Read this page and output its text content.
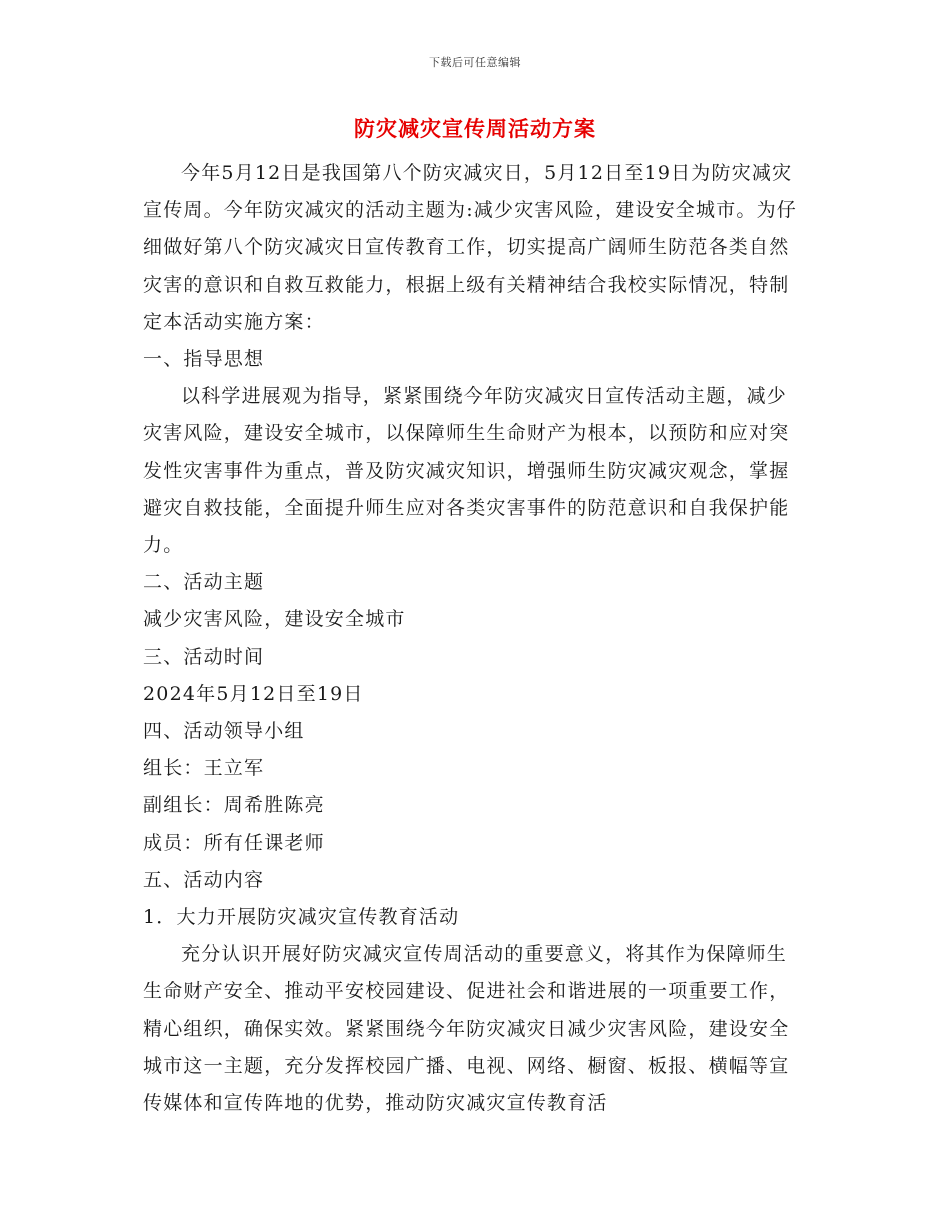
下载后可任意编辑
防灾减灾宣传周活动方案

今年5月12日是我国第八个防灾减灾日，5月12日至19日为防灾减灾宣传周。今年防灾减灾的活动主题为:减少灾害风险，建设安全城市。为仔细做好第八个防灾减灾日宣传教育工作，切实提高广阔师生防范各类自然灾害的意识和自救互救能力，根据上级有关精神结合我校实际情况，特制定本活动实施方案：

一、指导思想

以科学进展观为指导，紧紧围绕今年防灾减灾日宣传活动主题，减少灾害风险，建设安全城市，以保障师生生命财产为根本，以预防和应对突发性灾害事件为重点，普及防灾减灾知识，增强师生防灾减灾观念，掌握避灾自救技能，全面提升师生应对各类灾害事件的防范意识和自我保护能力。

二、活动主题

减少灾害风险，建设安全城市

三、活动时间

2024年5月12日至19日

四、活动领导小组

组长：王立军

副组长：周希胜陈亮

成员：所有任课老师

五、活动内容

1．大力开展防灾减灾宣传教育活动

充分认识开展好防灾减灾宣传周活动的重要意义，将其作为保障师生生命财产安全、推动平安校园建设、促进社会和谐进展的一项重要工作，精心组织，确保实效。紧紧围绕今年防灾减灾日减少灾害风险，建设安全城市这一主题，充分发挥校园广播、电视、网络、橱窗、板报、横幅等宣传媒体和宣传阵地的优势，推动防灾减灾宣传教育活
